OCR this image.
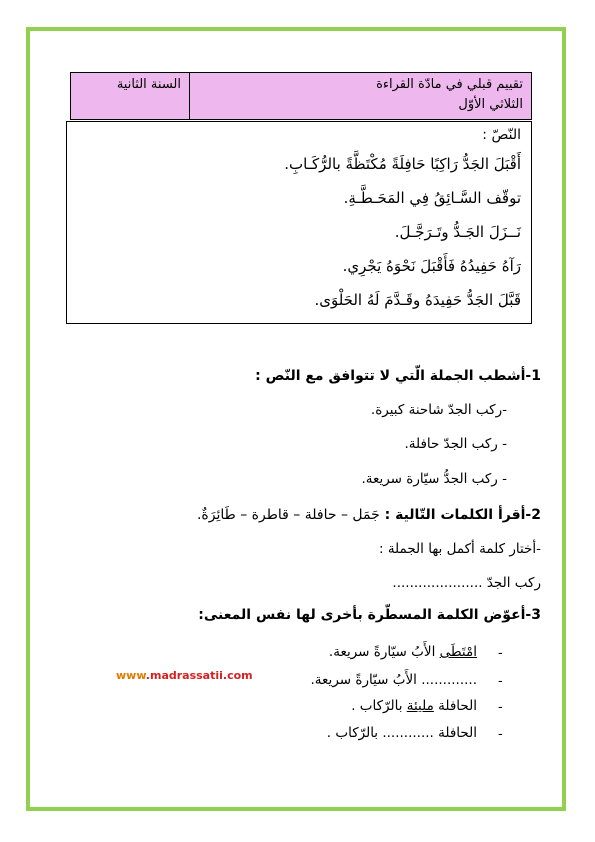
تقييم قبلي في مادّة القراءة
الثلاثي الأوّل
السنة الثانية
النّصّ :
أَقْبَلَ الجَدُّ رَاكِبًا حَافِلَةً مُكْتَظَّةً بالرُّكَـابِ.
توقّف السَّـائِقُ فِي المَحَـطَّـةِ.
نَــزَلَ الجَـدُّ وتَـرَجَّـلَ.
رَآهُ حَفِيدُهُ فَأَقْبَلَ نَحْوَهُ يَجْرِي.
قَبَّلَ الجَدُّ حَفِيدَهُ وقَـدَّمَ لَهُ الحَلْوَى.
1-أشطب الجملة الّتي لا تتوافق مع النّص :
-ركب الجدّ شاحنة كبيرة.
- ركب الجدّ حافلة.
- ركب الجدُّ سيّارة سريعة.
2-أقرأ الكلمات التّالية : جَمَل – حافلة – قاطرة – طَائِرَةٌ.
-أختار كلمة أكمل بها الجملة :
ركب الجدّ .....................
3-أعوّض الكلمة المسطّرة بأخرى لها نفس المعنى:
-
امْتَطَى الأَبُ سيّارةً سريعة.
-
............. الأَبُ سيّارةً سريعة.
-
الحافلة مليئة بالرّكاب .
-
الحافلة ............ بالرّكاب .
www.madrassatii.com
